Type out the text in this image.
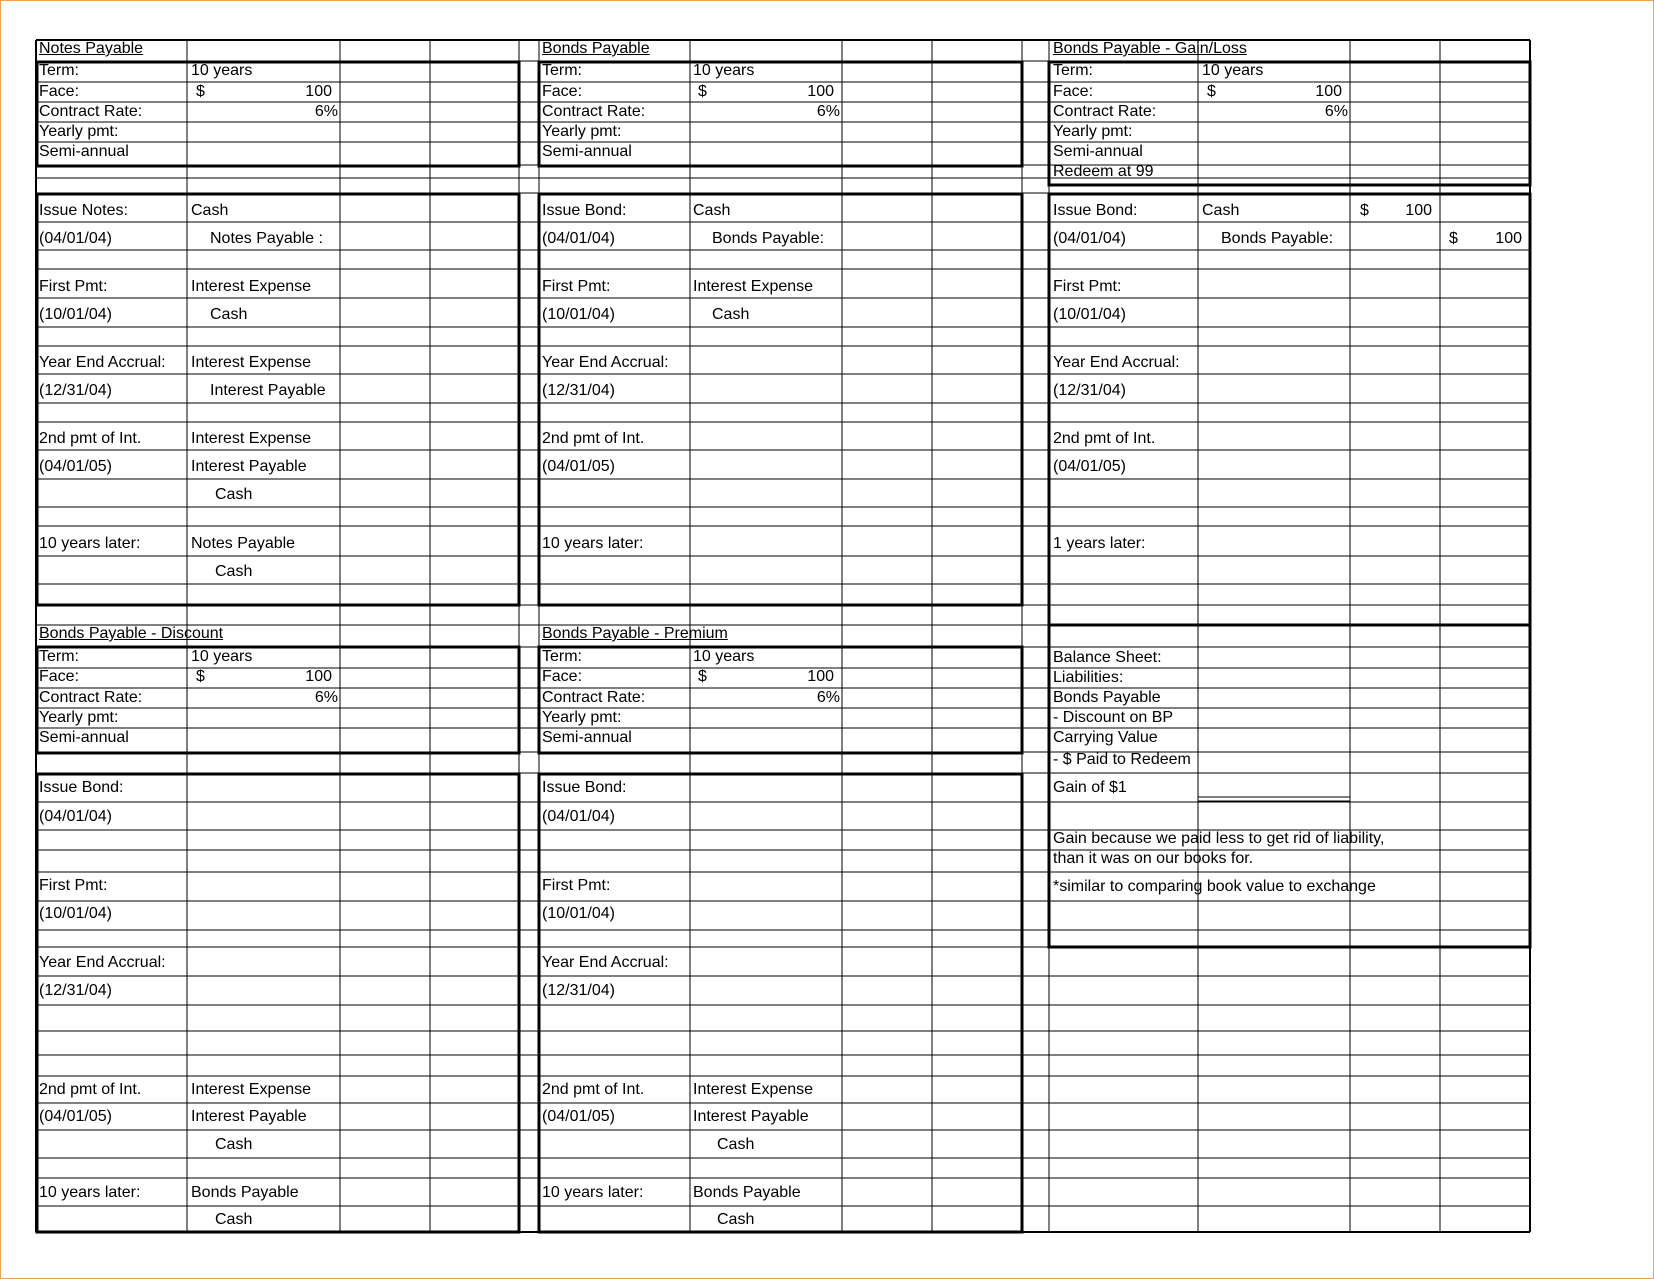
Notes Payable
Term:	10 years
Face:	$	100
Contract Rate:	6%
Yearly pmt:
Semi-annual
Issue Notes:	Cash
(04/01/04)	Notes Payable :
First Pmt:	Interest Expense
(10/01/04)	Cash
Year End Accrual: Interest Expense
(12/31/04)	Interest Payable
2nd pmt of Int.	Interest Expense
(04/01/05)	Interest Payable
Cash
10 years later:	Notes Payable
Cash
Bonds Payable
Term:	10 years
Face:	$	100
Contract Rate:	6%
Yearly pmt:
Semi-annual
Issue Bond:	Cash
(04/01/04)	Bonds Payable:
First Pmt:	Interest Expense
(10/01/04)	Cash
Year End Accrual:
(12/31/04)
2nd pmt of Int.
(04/01/05)
10 years later:
Bonds Payable - Gain/Loss
Term:	10 years
Face:	$	100
Contract Rate:	6%
Yearly pmt:
Semi-annual
Redeem at 99
Issue Bond:	Cash	$	100
(04/01/04)	Bonds Payable:	$	100
First Pmt:
(10/01/04)
Year End Accrual:
(12/31/04)
2nd pmt of Int.
(04/01/05)
1 years later:
Balance Sheet:
Liabilities:
Bonds Payable
- Discount on BP
Carrying Value
- $ Paid to Redeem
Gain of $1
Gain because we paid less to get rid of liability,
than it was on our books for.
*similar to comparing book value to exchange
Bonds Payable - Discount
Term:	10 years
Face:	$	100
Contract Rate:	6%
Yearly pmt:
Semi-annual
Issue Bond:
(04/01/04)
First Pmt:
(10/01/04)
Year End Accrual:
(12/31/04)
2nd pmt of Int.	Interest Expense
(04/01/05)	Interest Payable
Cash
10 years later:	Bonds Payable
Cash
Bonds Payable - Premium
Term:	10 years
Face:	$	100
Contract Rate:	6%
Yearly pmt:
Semi-annual
Issue Bond:
(04/01/04)
First Pmt:
(10/01/04)
Year End Accrual:
(12/31/04)
2nd pmt of Int.	Interest Expense
(04/01/05)	Interest Payable
Cash
10 years later:	Bonds Payable
Cash
